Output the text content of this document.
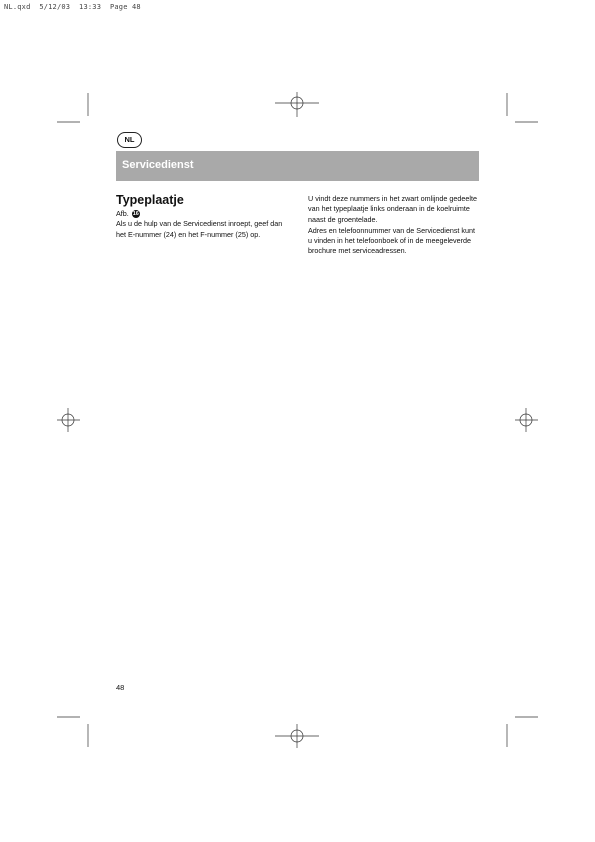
NL.qxd  5/12/03  13:33  Page 48
NL
Servicedienst
Typeplaatje
Afb. 16

Als u de hulp van de Servicedienst inroept, geef dan het E-nummer (24) en het F-nummer (25) op.

U vindt deze nummers in het zwart omlijnde gedeelte van het typeplaatje links onderaan in de koelruimte naast de groentelade.

Adres en telefoonnummer van de Servicedienst kunt u vinden in het telefoonboek of in de meegeleverde brochure met serviceadressen.

48
